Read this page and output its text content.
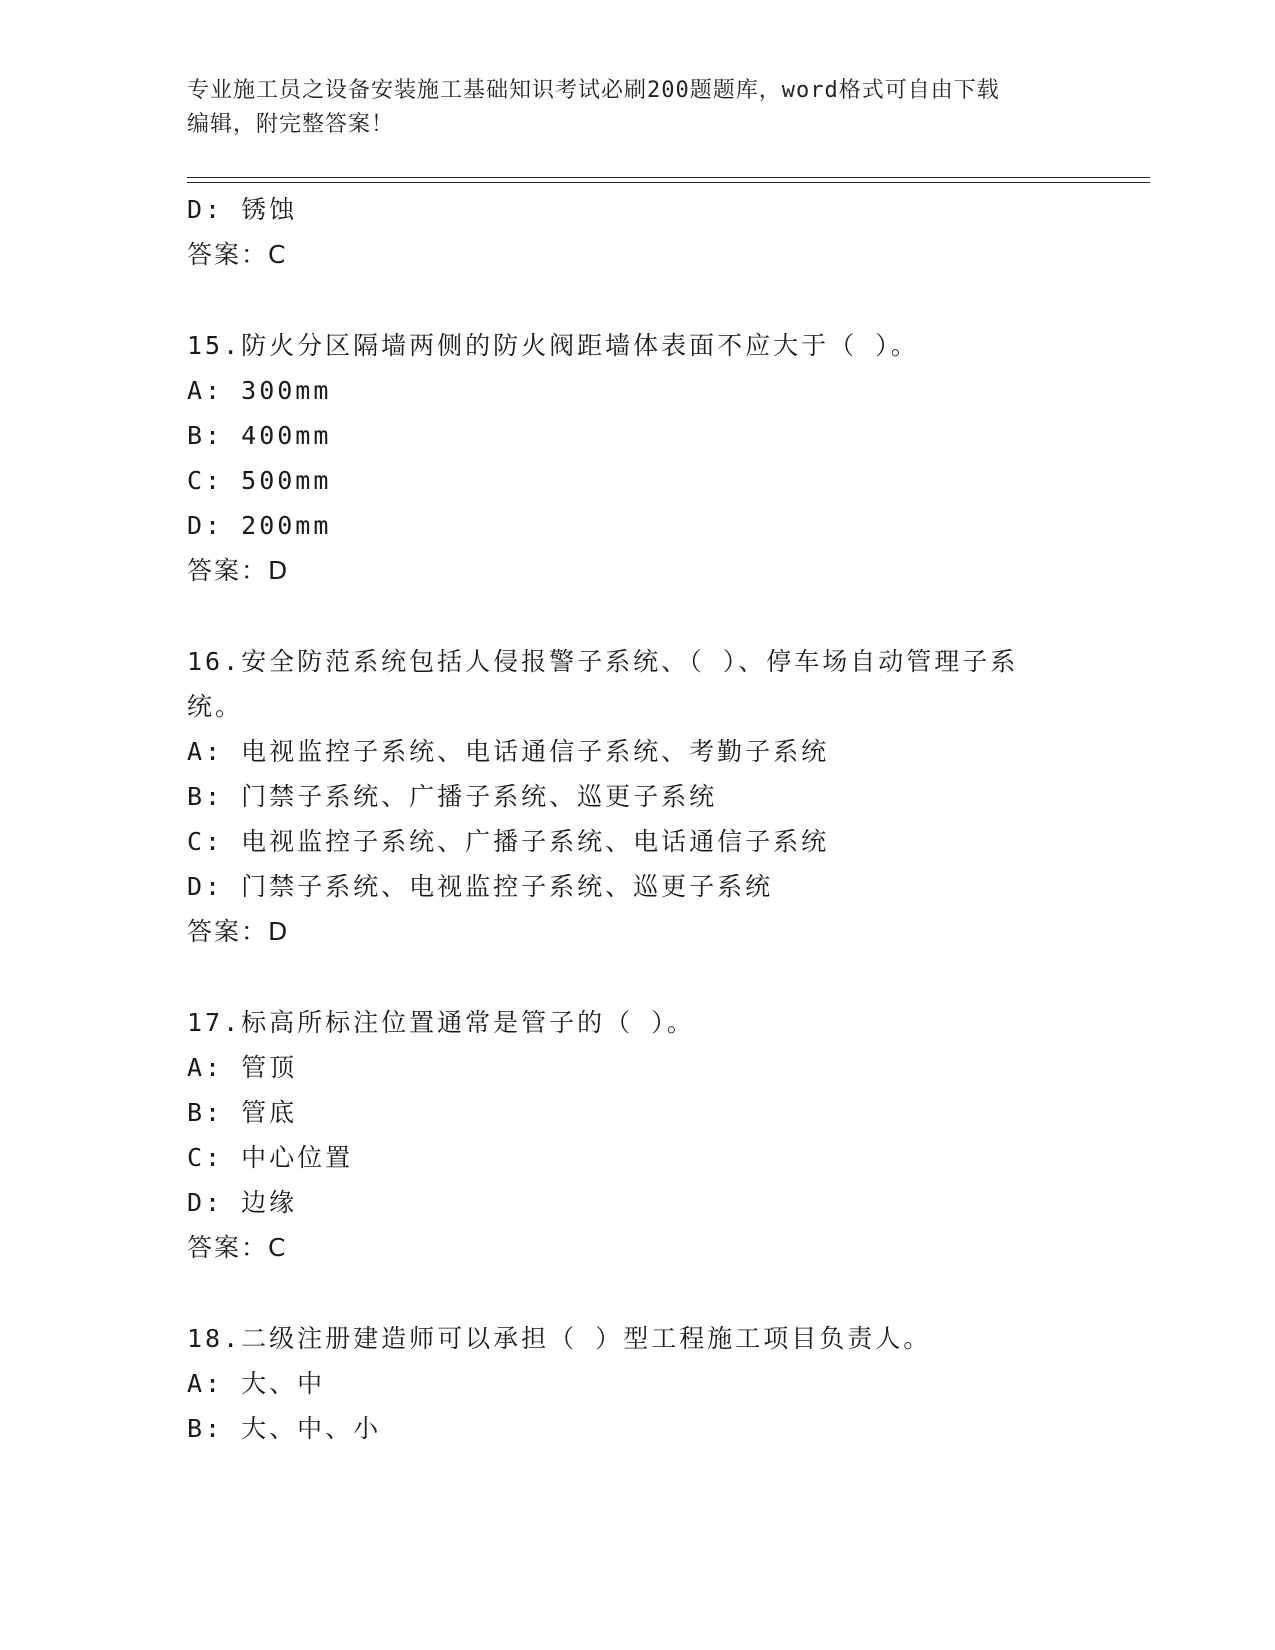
专业施工员之设备安装施工基础知识考试必刷200题题库，word格式可自由下载
编辑，附完整答案！
D: 锈蚀
答案：C
15.防火分区隔墙两侧的防火阀距墙体表面不应大于（ ）。
A: 300mm
B: 400mm
C: 500mm
D: 200mm
答案：D
16.安全防范系统包括人侵报警子系统、（ ）、停车场自动管理子系
统。
A: 电视监控子系统、电话通信子系统、考勤子系统
B: 门禁子系统、广播子系统、巡更子系统
C: 电视监控子系统、广播子系统、电话通信子系统
D: 门禁子系统、电视监控子系统、巡更子系统
答案：D
17.标高所标注位置通常是管子的（ ）。
A: 管顶
B: 管底
C: 中心位置
D: 边缘
答案：C
18.二级注册建造师可以承担（ ）型工程施工项目负责人。
A: 大、中
B: 大、中、小
